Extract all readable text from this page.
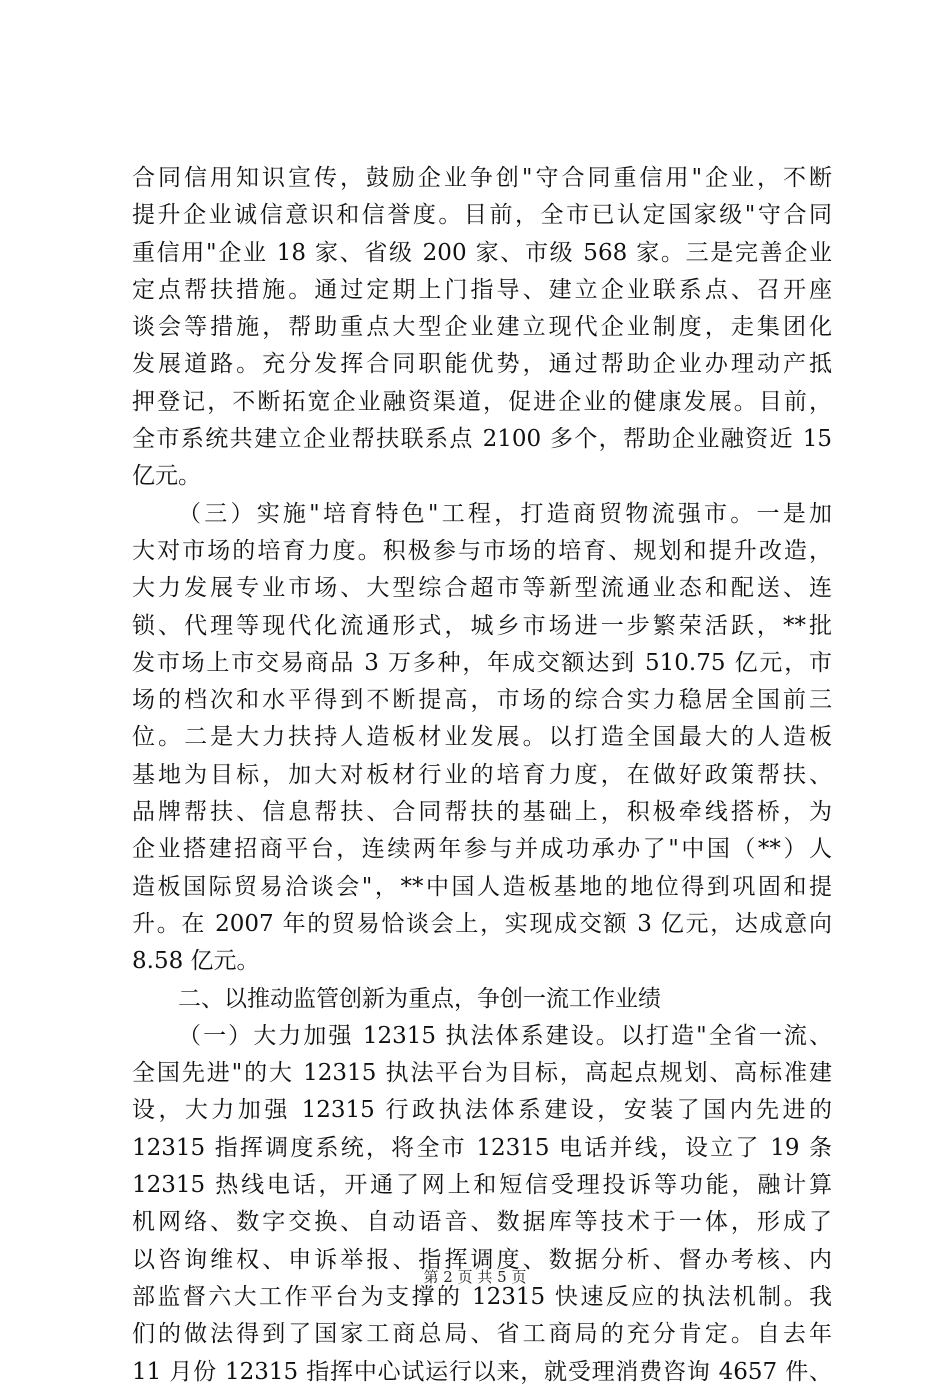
合同信用知识宣传，鼓励企业争创"守合同重信用"企业，不断
提升企业诚信意识和信誉度。目前，全市已认定国家级"守合同
重信用"企业 18 家、省级 200 家、市级 568 家。三是完善企业
定点帮扶措施。通过定期上门指导、建立企业联系点、召开座
谈会等措施，帮助重点大型企业建立现代企业制度，走集团化
发展道路。充分发挥合同职能优势，通过帮助企业办理动产抵
押登记，不断拓宽企业融资渠道，促进企业的健康发展。目前，
全市系统共建立企业帮扶联系点 2100 多个，帮助企业融资近 15
亿元。
（三）实施"培育特色"工程，打造商贸物流强市。一是加
大对市场的培育力度。积极参与市场的培育、规划和提升改造，
大力发展专业市场、大型综合超市等新型流通业态和配送、连
锁、代理等现代化流通形式，城乡市场进一步繁荣活跃，**批
发市场上市交易商品 3 万多种，年成交额达到 510.75 亿元，市
场的档次和水平得到不断提高，市场的综合实力稳居全国前三
位。二是大力扶持人造板材业发展。以打造全国最大的人造板
基地为目标，加大对板材行业的培育力度，在做好政策帮扶、
品牌帮扶、信息帮扶、合同帮扶的基础上，积极牵线搭桥，为
企业搭建招商平台，连续两年参与并成功承办了"中国（**）人
造板国际贸易洽谈会"，**中国人造板基地的地位得到巩固和提
升。在 2007 年的贸易恰谈会上，实现成交额 3 亿元，达成意向
8.58 亿元。
二、以推动监管创新为重点，争创一流工作业绩
（一）大力加强 12315 执法体系建设。以打造"全省一流、
全国先进"的大 12315 执法平台为目标，高起点规划、高标准建
设，大力加强 12315 行政执法体系建设，安装了国内先进的
12315 指挥调度系统，将全市 12315 电话并线，设立了 19 条
12315 热线电话，开通了网上和短信受理投诉等功能，融计算
机网络、数字交换、自动语音、数据库等技术于一体，形成了
以咨询维权、申诉举报、指挥调度、数据分析、督办考核、内
部监督六大工作平台为支撑的 12315 快速反应的执法机制。我
们的做法得到了国家工商总局、省工商局的充分肯定。自去年
11 月份 12315 指挥中心试运行以来，就受理消费咨询 4657 件、
第 2 页 共 5 页
